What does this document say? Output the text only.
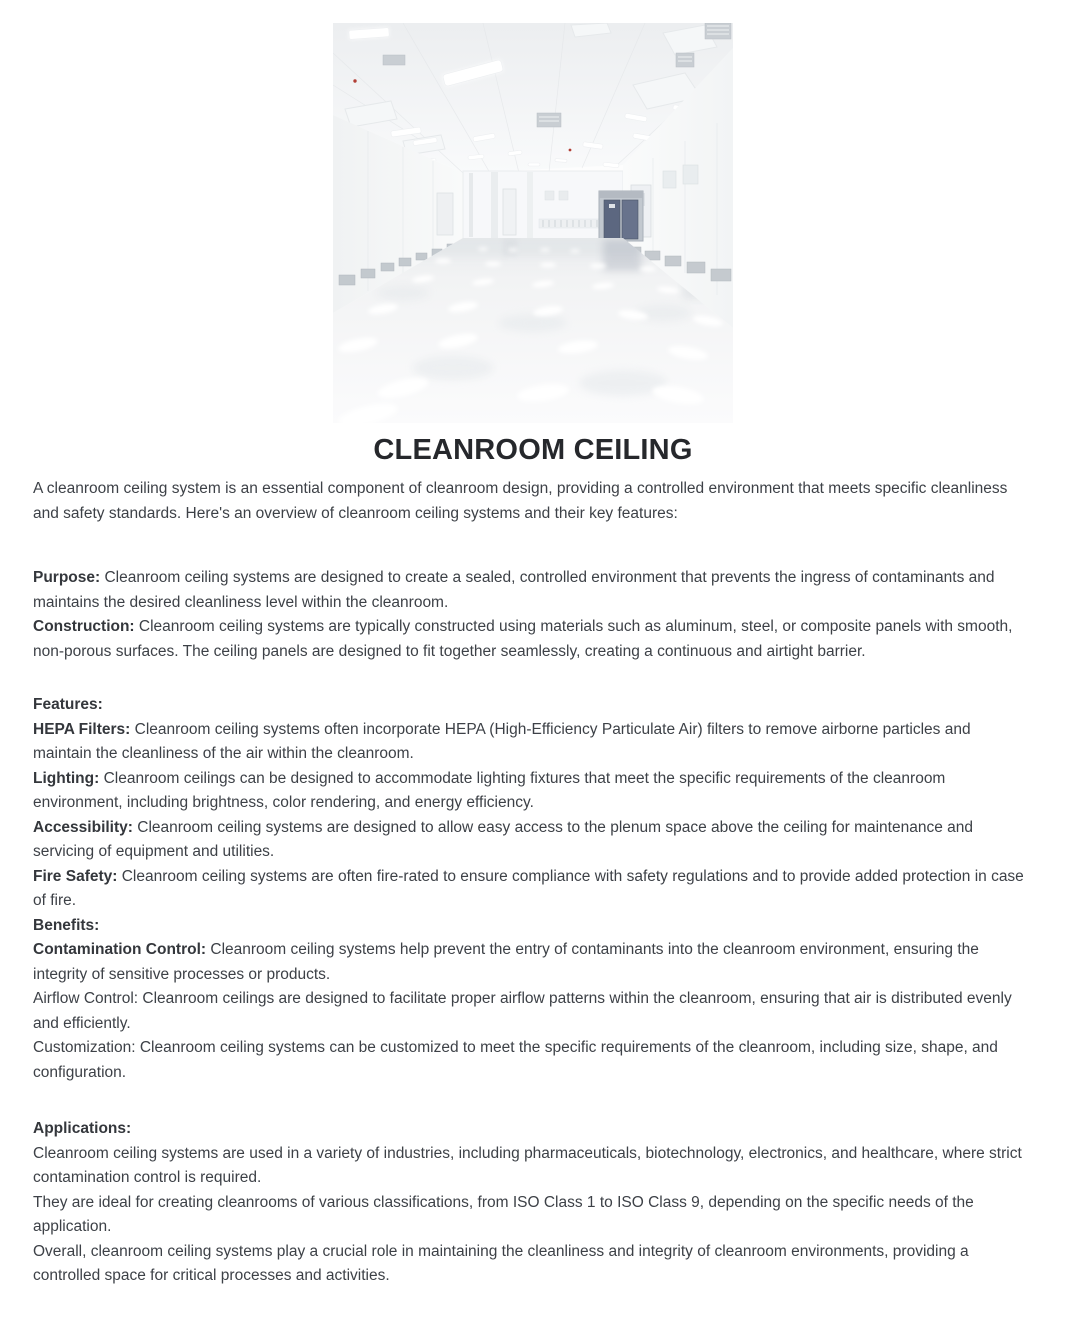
CLEANROOM CEILING

A cleanroom ceiling system is an essential component of cleanroom design, providing a controlled environment that meets specific cleanliness and safety standards. Here's an overview of cleanroom ceiling systems and their key features:

Purpose: Cleanroom ceiling systems are designed to create a sealed, controlled environment that prevents the ingress of contaminants and maintains the desired cleanliness level within the cleanroom.

Construction: Cleanroom ceiling systems are typically constructed using materials such as aluminum, steel, or composite panels with smooth, non-porous surfaces. The ceiling panels are designed to fit together seamlessly, creating a continuous and airtight barrier.

Features:

HEPA Filters: Cleanroom ceiling systems often incorporate HEPA (High-Efficiency Particulate Air) filters to remove airborne particles and maintain the cleanliness of the air within the cleanroom.

Lighting: Cleanroom ceilings can be designed to accommodate lighting fixtures that meet the specific requirements of the cleanroom environment, including brightness, color rendering, and energy efficiency.

Accessibility: Cleanroom ceiling systems are designed to allow easy access to the plenum space above the ceiling for maintenance and servicing of equipment and utilities.

Fire Safety: Cleanroom ceiling systems are often fire-rated to ensure compliance with safety regulations and to provide added protection in case of fire.

Benefits:

Contamination Control: Cleanroom ceiling systems help prevent the entry of contaminants into the cleanroom environment, ensuring the integrity of sensitive processes or products.

Airflow Control: Cleanroom ceilings are designed to facilitate proper airflow patterns within the cleanroom, ensuring that air is distributed evenly and efficiently.

Customization: Cleanroom ceiling systems can be customized to meet the specific requirements of the cleanroom, including size, shape, and configuration.

Applications:

Cleanroom ceiling systems are used in a variety of industries, including pharmaceuticals, biotechnology, electronics, and healthcare, where strict contamination control is required.

They are ideal for creating cleanrooms of various classifications, from ISO Class 1 to ISO Class 9, depending on the specific needs of the application.

Overall, cleanroom ceiling systems play a crucial role in maintaining the cleanliness and integrity of cleanroom environments, providing a controlled space for critical processes and activities.
